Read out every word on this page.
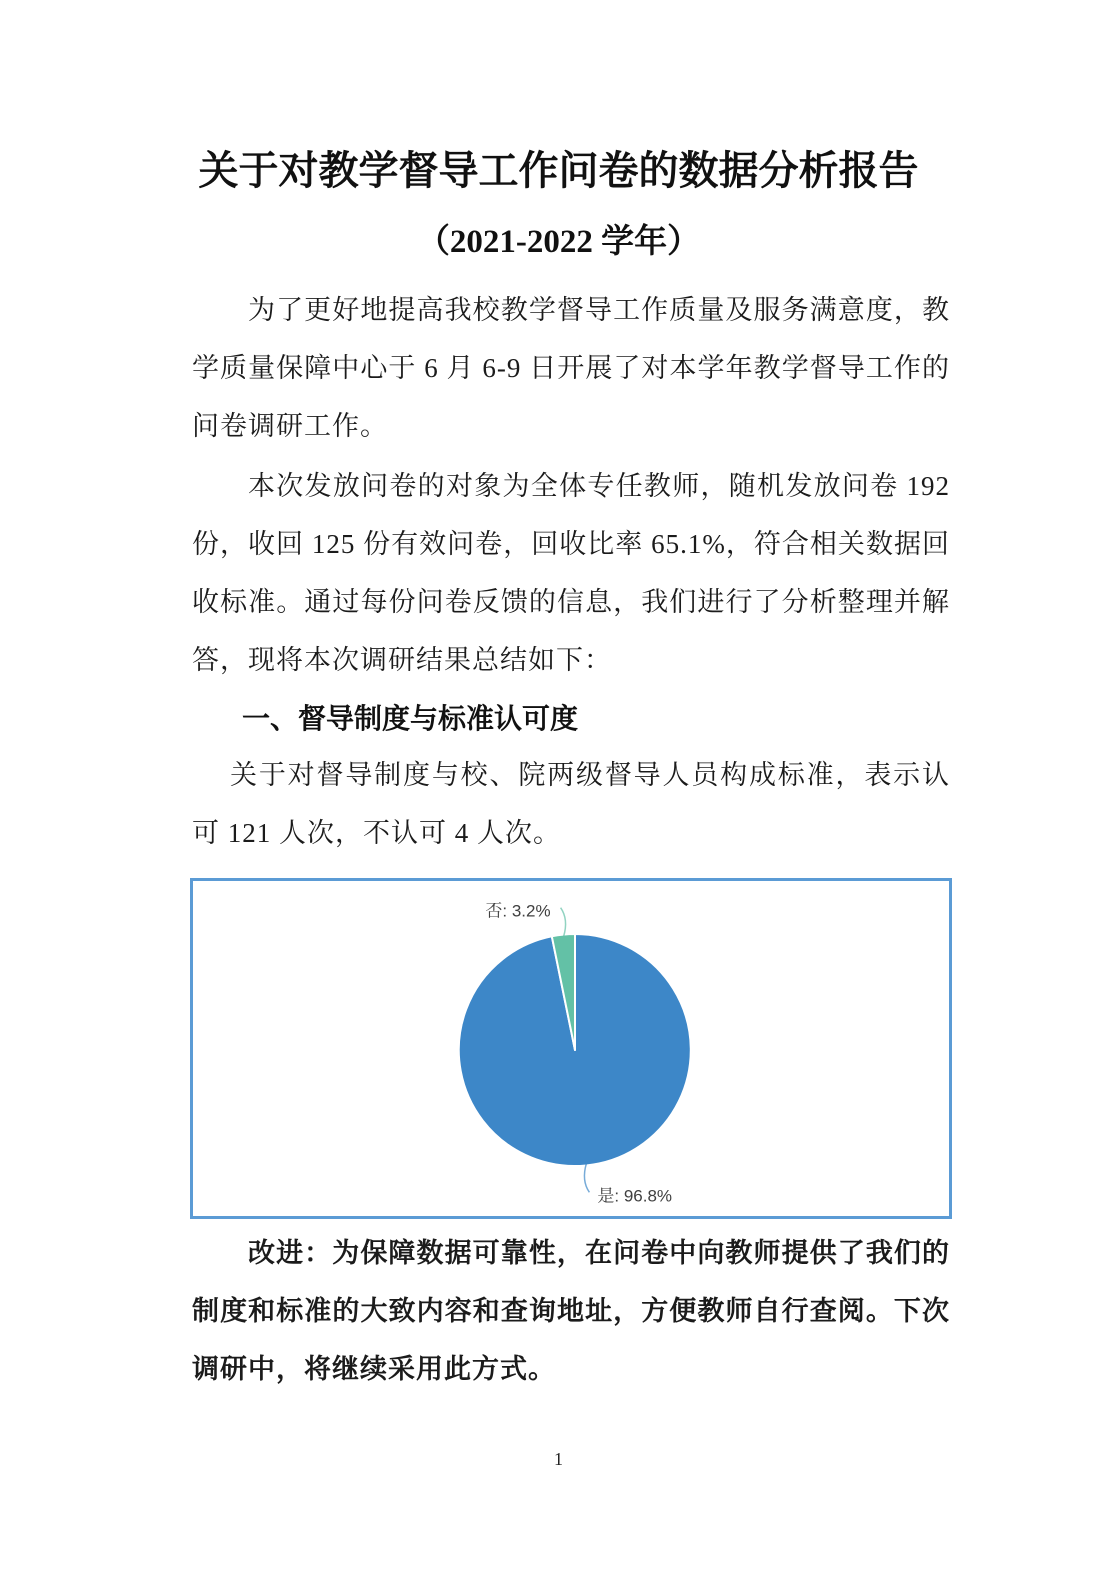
关于对教学督导工作问卷的数据分析报告
（2021-2022 学年）

为了更好地提高我校教学督导工作质量及服务满意度，教学质量保障中心于 6 月 6-9 日开展了对本学年教学督导工作的问卷调研工作。

本次发放问卷的对象为全体专任教师，随机发放问卷 192 份，收回 125 份有效问卷，回收比率 65.1%，符合相关数据回收标准。通过每份问卷反馈的信息，我们进行了分析整理并解答，现将本次调研结果总结如下：

一、督导制度与标准认可度

关于对督导制度与校、院两级督导人员构成标准，表示认可 121 人次，不认可 4 人次。

是: 96.8%
否: 3.2%

改进：为保障数据可靠性，在问卷中向教师提供了我们的制度和标准的大致内容和查询地址，方便教师自行查阅。下次调研中，将继续采用此方式。

1
